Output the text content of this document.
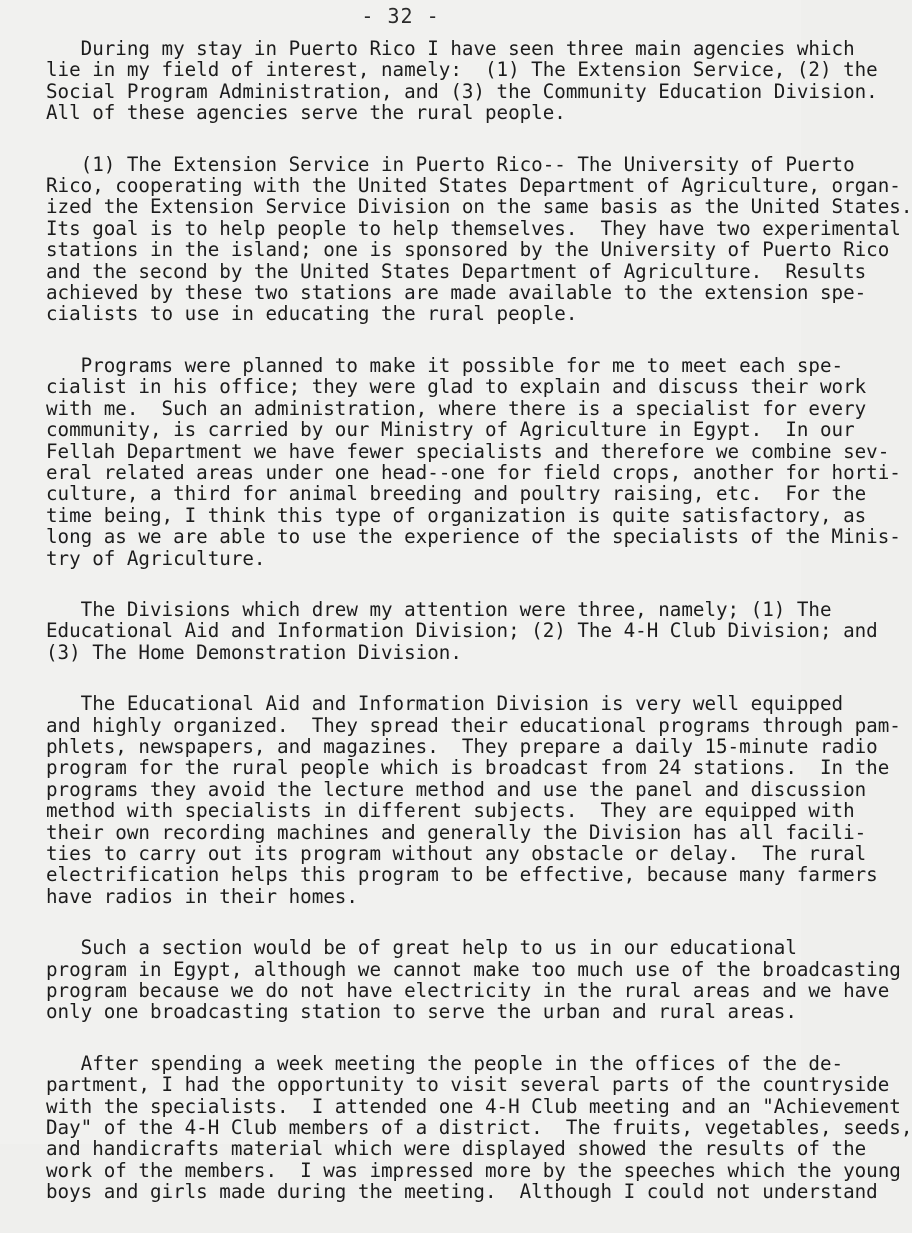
- 32 -
During my stay in Puerto Rico I have seen three main agencies which
lie in my field of interest, namely:  (1) The Extension Service, (2) the
Social Program Administration, and (3) the Community Education Division.
All of these agencies serve the rural people.
(1) The Extension Service in Puerto Rico-- The University of Puerto
Rico, cooperating with the United States Department of Agriculture, organ-
ized the Extension Service Division on the same basis as the United States.
Its goal is to help people to help themselves.  They have two experimental
stations in the island; one is sponsored by the University of Puerto Rico
and the second by the United States Department of Agriculture.  Results
achieved by these two stations are made available to the extension spe-
cialists to use in educating the rural people.
Programs were planned to make it possible for me to meet each spe-
cialist in his office; they were glad to explain and discuss their work
with me.  Such an administration, where there is a specialist for every
community, is carried by our Ministry of Agriculture in Egypt.  In our
Fellah Department we have fewer specialists and therefore we combine sev-
eral related areas under one head--one for field crops, another for horti-
culture, a third for animal breeding and poultry raising, etc.  For the
time being, I think this type of organization is quite satisfactory, as
long as we are able to use the experience of the specialists of the Minis-
try of Agriculture.
The Divisions which drew my attention were three, namely; (1) The
Educational Aid and Information Division; (2) The 4-H Club Division; and
(3) The Home Demonstration Division.
The Educational Aid and Information Division is very well equipped
and highly organized.  They spread their educational programs through pam-
phlets, newspapers, and magazines.  They prepare a daily 15-minute radio
program for the rural people which is broadcast from 24 stations.  In the
programs they avoid the lecture method and use the panel and discussion
method with specialists in different subjects.  They are equipped with
their own recording machines and generally the Division has all facili-
ties to carry out its program without any obstacle or delay.  The rural
electrification helps this program to be effective, because many farmers
have radios in their homes.
Such a section would be of great help to us in our educational
program in Egypt, although we cannot make too much use of the broadcasting
program because we do not have electricity in the rural areas and we have
only one broadcasting station to serve the urban and rural areas.
After spending a week meeting the people in the offices of the de-
partment, I had the opportunity to visit several parts of the countryside
with the specialists.  I attended one 4-H Club meeting and an "Achievement
Day" of the 4-H Club members of a district.  The fruits, vegetables, seeds,
and handicrafts material which were displayed showed the results of the
work of the members.  I was impressed more by the speeches which the young
boys and girls made during the meeting.  Although I could not understand
